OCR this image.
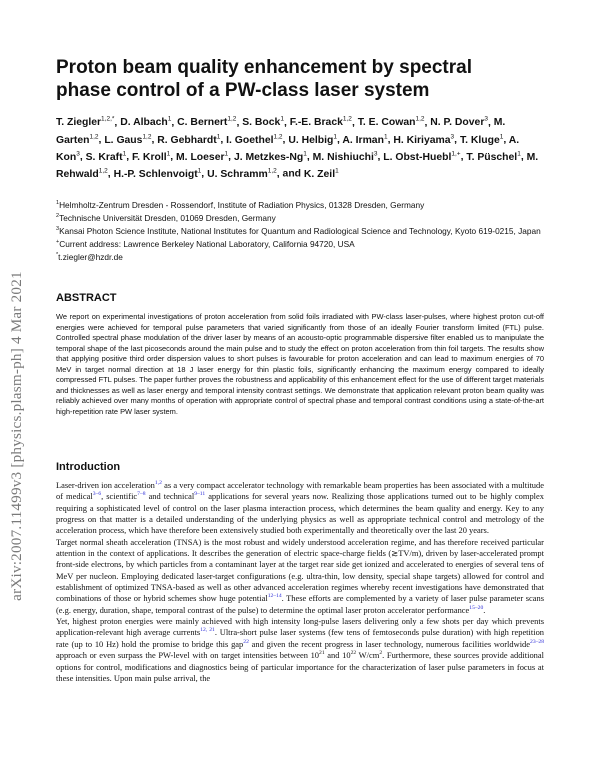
arXiv:2007.11499v3 [physics.plasm-ph] 4 Mar 2021
Proton beam quality enhancement by spectral phase control of a PW-class laser system
T. Ziegler$^{1,2,*}$, D. Albach$^1$, C. Bernert$^{1,2}$, S. Bock$^1$, F.-E. Brack$^{1,2}$, T. E. Cowan$^{1,2}$, N. P. Dover$^3$, M. Garten$^{1,2}$, L. Gaus$^{1,2}$, R. Gebhardt$^1$, I. Goethel$^{1,2}$, U. Helbig$^1$, A. Irman$^1$, H. Kiriyama$^3$, T. Kluge$^1$, A. Kon$^3$, S. Kraft$^1$, F. Kroll$^1$, M. Loeser$^1$, J. Metzkes-Ng$^1$, M. Nishiuchi$^3$, L. Obst-Huebl$^{1,+}$, T. Püschel$^1$, M. Rehwald$^{1,2}$, H.-P. Schlenvoigt$^1$, U. Schramm$^{1,2}$, and K. Zeil$^1$
$^1$Helmholtz-Zentrum Dresden - Rossendorf, Institute of Radiation Physics, 01328 Dresden, Germany
$^2$Technische Universität Dresden, 01069 Dresden, Germany
$^3$Kansai Photon Science Institute, National Institutes for Quantum and Radiological Science and Technology, Kyoto 619-0215, Japan
+Current address: Lawrence Berkeley National Laboratory, California 94720, USA
*t.ziegler@hzdr.de
ABSTRACT

We report on experimental investigations of proton acceleration from solid foils irradiated with PW-class laser-pulses, where highest proton cut-off energies were achieved for temporal pulse parameters that varied significantly from those of an ideally Fourier transform limited (FTL) pulse. Controlled spectral phase modulation of the driver laser by means of an acousto-optic programmable dispersive filter enabled us to manipulate the temporal shape of the last picoseconds around the main pulse and to study the effect on proton acceleration from thin foil targets. The results show that applying positive third order dispersion values to short pulses is favourable for proton acceleration and can lead to maximum energies of 70 MeV in target normal direction at 18 J laser energy for thin plastic foils, significantly enhancing the maximum energy compared to ideally compressed FTL pulses. The paper further proves the robustness and applicability of this enhancement effect for the use of different target materials and thicknesses as well as laser energy and temporal intensity contrast settings. We demonstrate that application relevant proton beam quality was reliably achieved over many months of operation with appropriate control of spectral phase and temporal contrast conditions using a state-of-the-art high-repetition rate PW laser system.

Introduction

Laser-driven ion acceleration$^{1,2}$ as a very compact accelerator technology with remarkable beam properties has been associated with a multitude of medical$^{3-6}$, scientific$^{7-8}$ and technical$^{9-11}$ applications for several years now. Realizing those applications turned out to be highly complex requiring a sophisticated level of control on the laser plasma interaction process, which determines the beam quality and energy. Key to any progress on that matter is a detailed understanding of the underlying physics as well as appropriate technical control and metrology of the acceleration process, which have therefore been extensively studied both experimentally and theoretically over the last 20 years.

Target normal sheath acceleration (TNSA) is the most robust and widely understood acceleration regime, and has therefore received particular attention in the context of applications. It describes the generation of electric space-charge fields (≳TV/m), driven by laser-accelerated prompt front-side electrons, by which particles from a contaminant layer at the target rear side get ionized and accelerated to energies of several tens of MeV per nucleon. Employing dedicated laser-target configurations (e.g. ultra-thin, low density, special shape targets) allowed for control and establishment of optimized TNSA-based as well as other advanced acceleration regimes whereby recent investigations have demonstrated that combinations of those or hybrid schemes show huge potential$^{12-14}$. These efforts are complemented by a variety of laser pulse parameter scans (e.g. energy, duration, shape, temporal contrast of the pulse) to determine the optimal laser proton accelerator performance$^{15-20}$.

Yet, highest proton energies were mainly achieved with high intensity long-pulse lasers delivering only a few shots per day which prevents application-relevant high average currents$^{12, 21}$. Ultra-short pulse laser systems (few tens of femtoseconds pulse duration) with high repetition rate (up to 10 Hz) hold the promise to bridge this gap$^{22}$ and given the recent progress in laser technology, numerous facilities worldwide$^{23-28}$ approach or even surpass the PW-level with on target intensities between $10^{21}$ and $10^{22}$ $W/cm^2$. Furthermore, these sources provide additional options for control, modifications and diagnostics being of particular importance for the characterization of laser pulse parameters in focus at these intensities. Upon main pulse arrival, the
